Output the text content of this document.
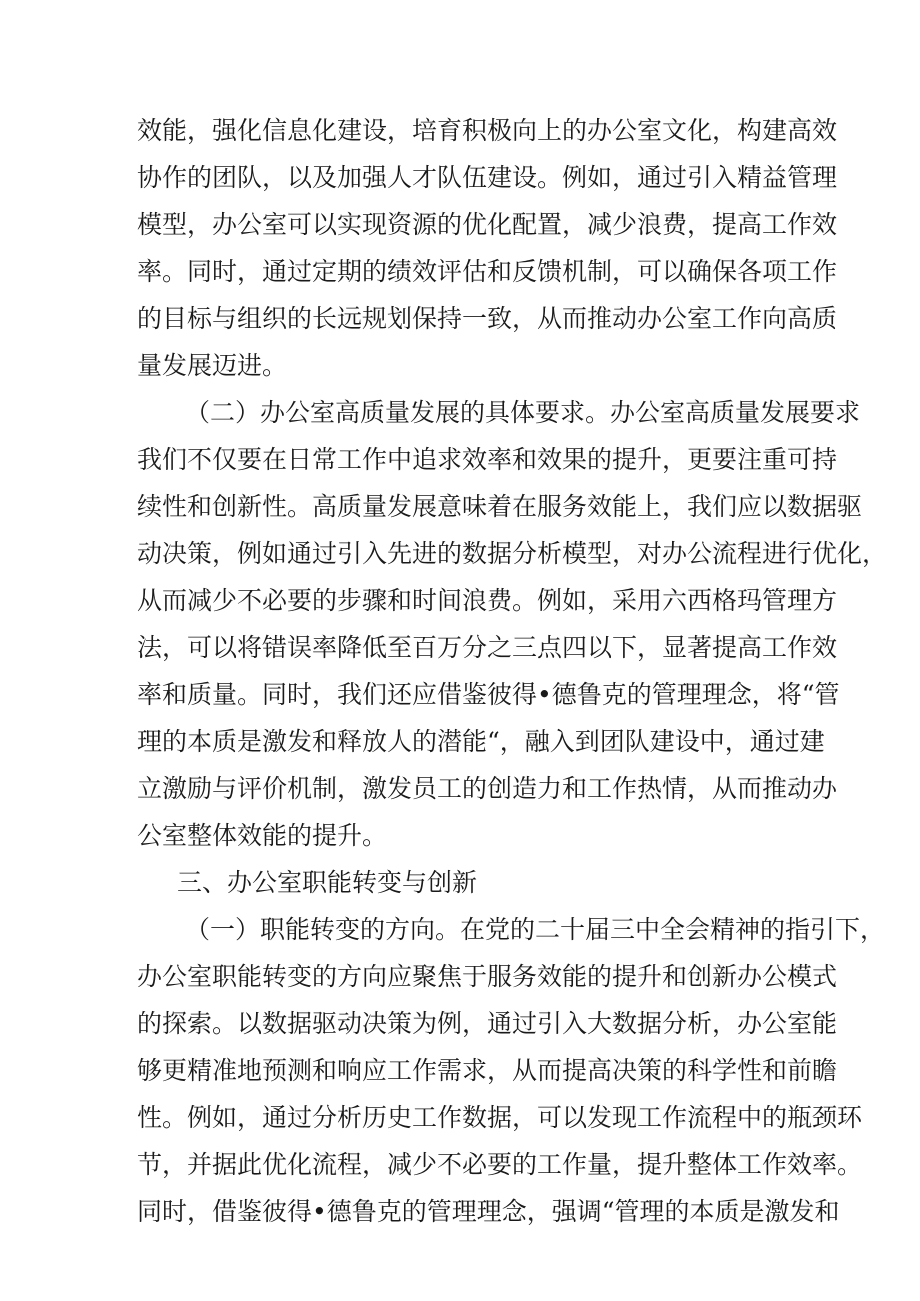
效能，强化信息化建设，培育积极向上的办公室文化，构建高效
协作的团队，以及加强人才队伍建设。例如，通过引入精益管理
模型，办公室可以实现资源的优化配置，减少浪费，提高工作效
率。同时，通过定期的绩效评估和反馈机制，可以确保各项工作
的目标与组织的长远规划保持一致，从而推动办公室工作向高质
量发展迈进。
（二）办公室高质量发展的具体要求。办公室高质量发展要求
我们不仅要在日常工作中追求效率和效果的提升，更要注重可持
续性和创新性。高质量发展意味着在服务效能上，我们应以数据驱
动决策，例如通过引入先进的数据分析模型，对办公流程进行优化，
从而减少不必要的步骤和时间浪费。例如，采用六西格玛管理方
法，可以将错误率降低至百万分之三点四以下，显著提高工作效
率和质量。同时，我们还应借鉴彼得•德鲁克的管理理念，将“管
理的本质是激发和释放人的潜能“，融入到团队建设中，通过建
立激励与评价机制，激发员工的创造力和工作热情，从而推动办
公室整体效能的提升。
三、办公室职能转变与创新
（一）职能转变的方向。在党的二十届三中全会精神的指引下，
办公室职能转变的方向应聚焦于服务效能的提升和创新办公模式
的探索。以数据驱动决策为例，通过引入大数据分析，办公室能
够更精准地预测和响应工作需求，从而提高决策的科学性和前瞻
性。例如，通过分析历史工作数据，可以发现工作流程中的瓶颈环
节，并据此优化流程，减少不必要的工作量，提升整体工作效率。
同时，借鉴彼得•德鲁克的管理理念，强调“管理的本质是激发和
